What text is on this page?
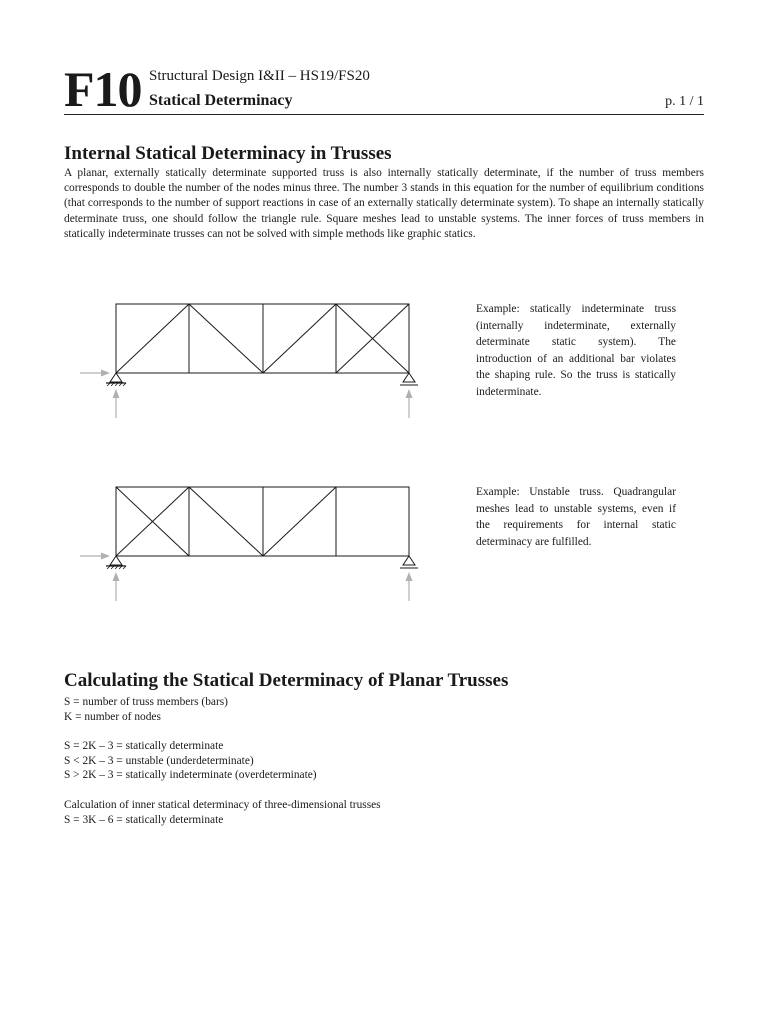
F10 Structural Design I&II – HS19/FS20
Statical Determinacy	p. 1 / 1
Internal Statical Determinacy in Trusses

A planar, externally statically determinate supported truss is also internally statically determinate, if the number of truss members corresponds to double the number of the nodes minus three. The number 3 stands in this equation for the number of equilibrium conditions (that corresponds to the number of support reactions in case of an externally statically determinate system). To shape an internally statically determinate truss, one should follow the triangle rule. Square meshes lead to unstable systems. The inner forces of truss members in statically indeterminate trusses can not be solved with simple methods like graphic statics.

Example: statically indeterminate truss (internally indeterminate, externally determinate static system). The introduction of an additional bar violates the shaping rule. So the truss is statically indeterminate.

Example: Unstable truss. Quadrangular meshes lead to unstable systems, even if the requirements for internal static determinacy are fulfilled.

Calculating the Statical Determinacy of Planar Trusses
S = number of truss members (bars)
K = number of nodes
S = 2K – 3 = statically determinate
S < 2K – 3 = unstable (underdeterminate)
S > 2K – 3 = statically indeterminate (overdeterminate)
Calculation of inner statical determinacy of three-dimensional trusses
S = 3K – 6 = statically determinate
